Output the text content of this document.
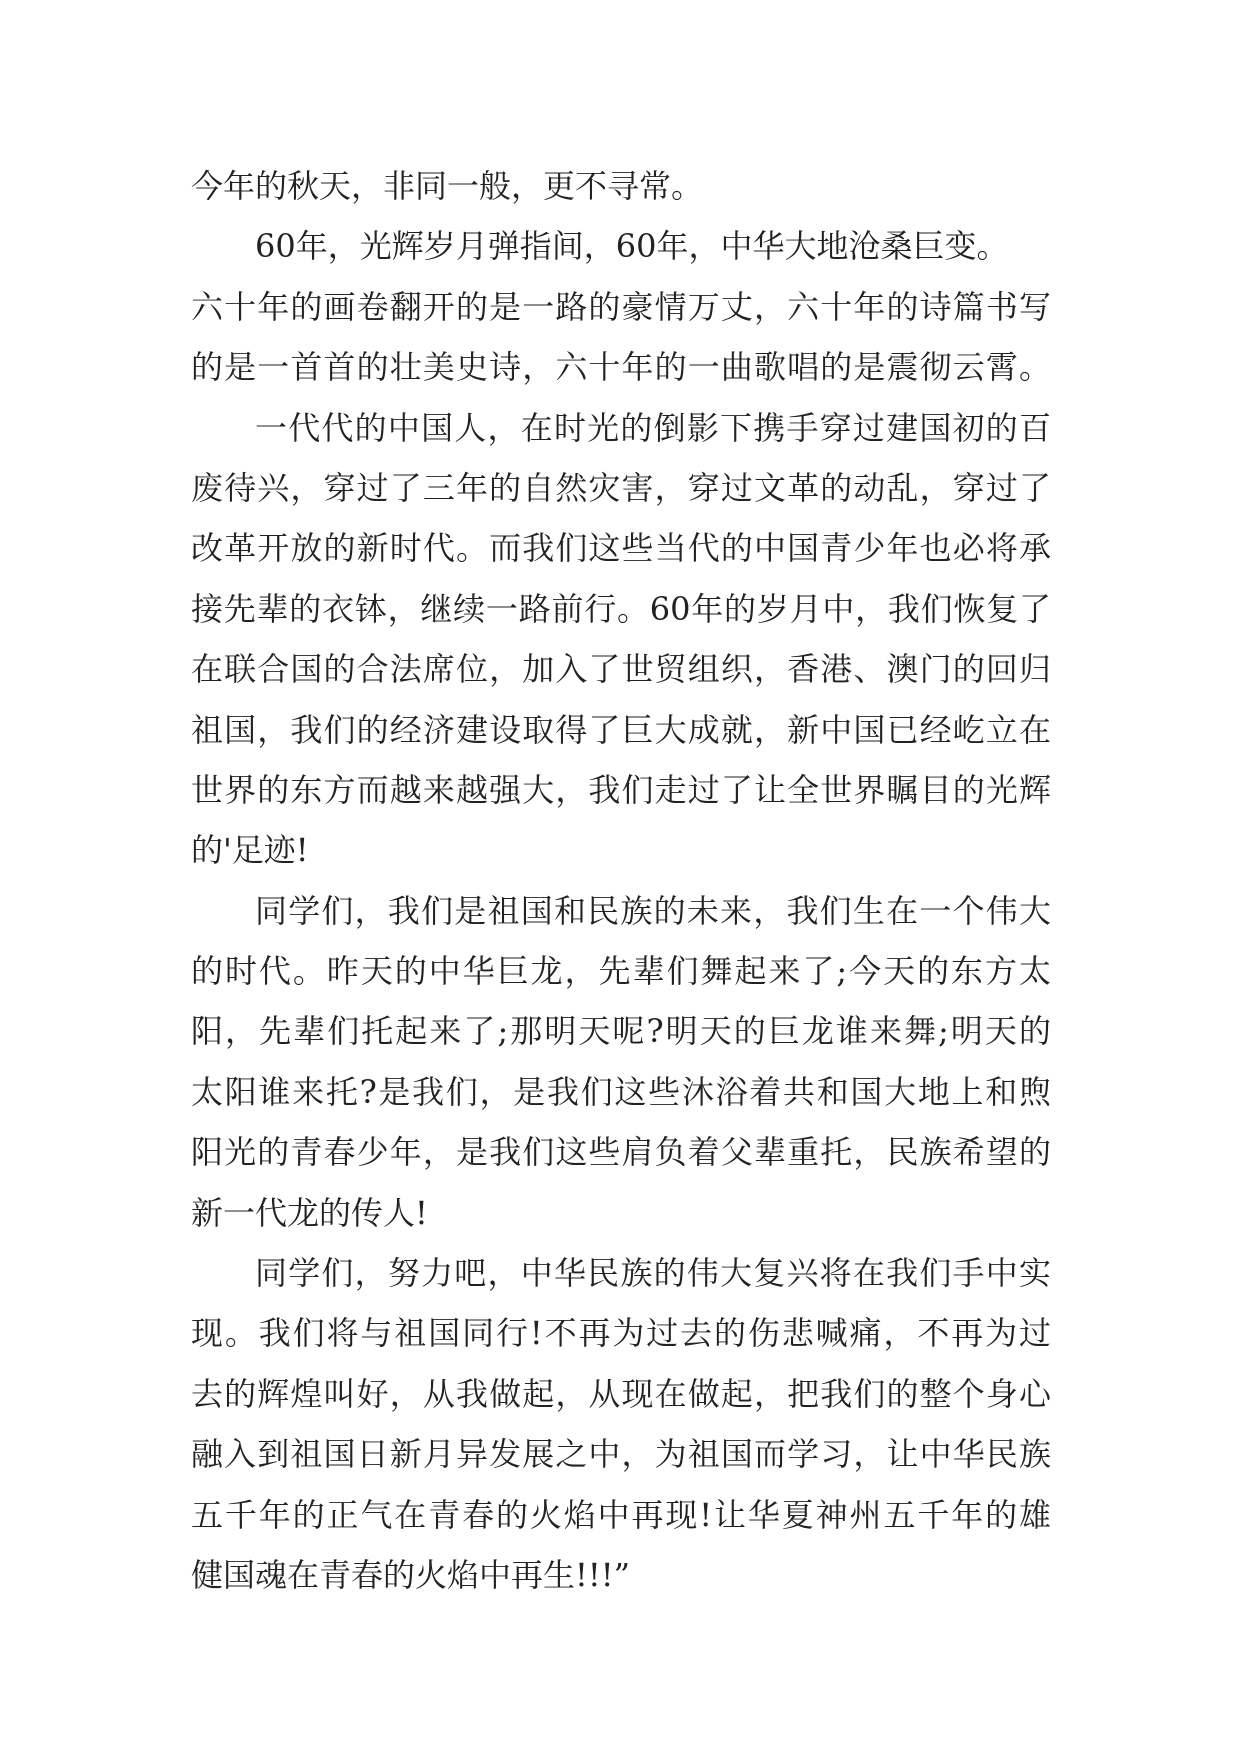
今年的秋天，非同一般，更不寻常。
60年，光辉岁月弹指间，60年，中华大地沧桑巨变。
六十年的画卷翻开的是一路的豪情万丈，六十年的诗篇书写
的是一首首的壮美史诗，六十年的一曲歌唱的是震彻云霄。
一代代的中国人，在时光的倒影下携手穿过建国初的百
废待兴，穿过了三年的自然灾害，穿过文革的动乱，穿过了
改革开放的新时代。而我们这些当代的中国青少年也必将承
接先辈的衣钵，继续一路前行。60年的岁月中，我们恢复了
在联合国的合法席位，加入了世贸组织，香港、澳门的回归
祖国，我们的经济建设取得了巨大成就，新中国已经屹立在
世界的东方而越来越强大，我们走过了让全世界瞩目的光辉
的'足迹!
同学们，我们是祖国和民族的未来，我们生在一个伟大
的时代。昨天的中华巨龙，先辈们舞起来了;今天的东方太
阳，先辈们托起来了;那明天呢?明天的巨龙谁来舞;明天的
太阳谁来托?是我们，是我们这些沐浴着共和国大地上和煦
阳光的青春少年，是我们这些肩负着父辈重托，民族希望的
新一代龙的传人!
同学们，努力吧，中华民族的伟大复兴将在我们手中实
现。我们将与祖国同行!不再为过去的伤悲喊痛，不再为过
去的辉煌叫好，从我做起，从现在做起，把我们的整个身心
融入到祖国日新月异发展之中，为祖国而学习，让中华民族
五千年的正气在青春的火焰中再现!让华夏神州五千年的雄
健国魂在青春的火焰中再生!!!”
